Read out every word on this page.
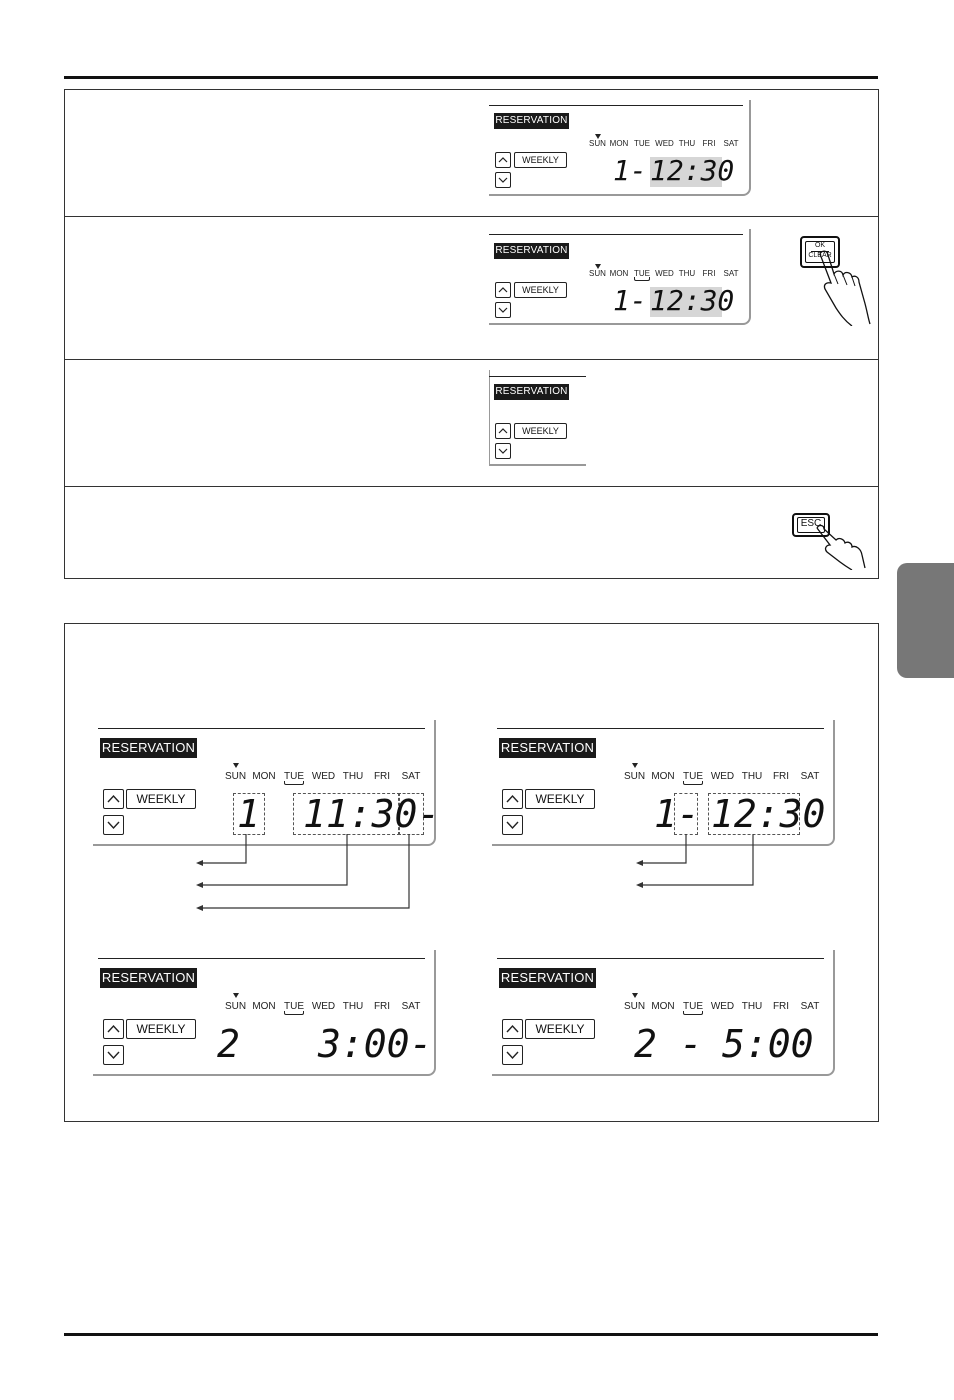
RESERVATION
SUN MON TUE WED THU FRI	SAT
WEEKLY 1- 12:30
RESERVATION
SUN MON TUE WED THU FRI	SAT
WEEKLY 1- 12:30
OK
CLEAR
RESERVATION
WEEKLY
ESC
RESERVATION
SUN MON TUE WED THU	FRI	SAT
WEEKLY 1 11:30-
RESERVATION
SUN MON TUE WED THU	FRI	SAT
WEEKLY 1- 12:30
RESERVATION
SUN MON TUE WED THU	FRI	SAT
WEEKLY 2 3:00-
RESERVATION
SUN MON TUE WED THU	FRI	SAT
WEEKLY 2 - 5:00
